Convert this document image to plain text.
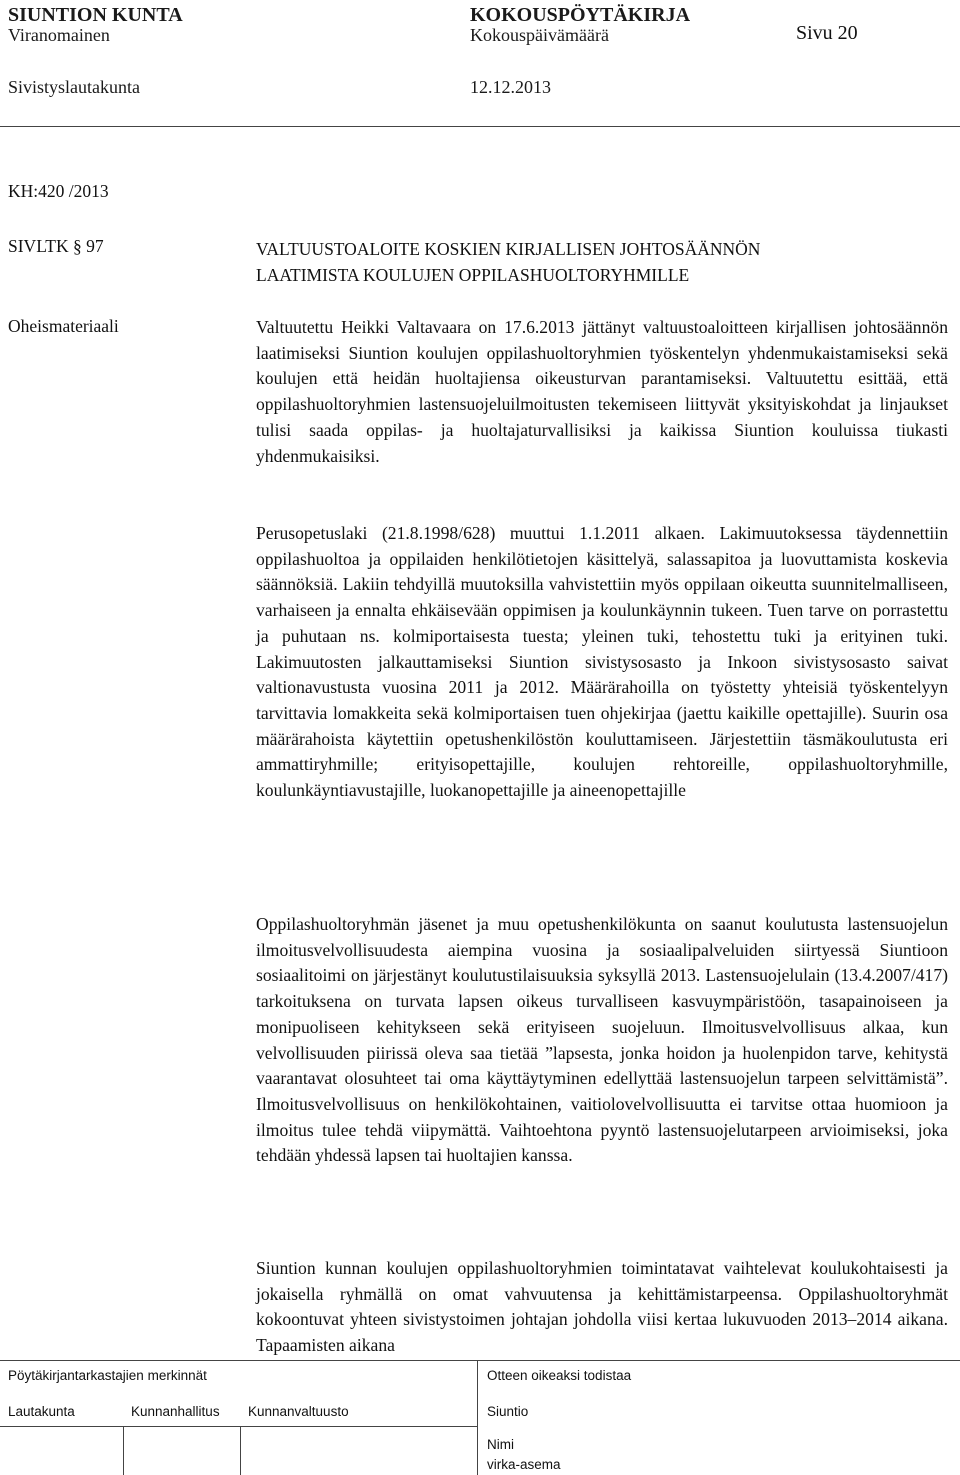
SIUNTION KUNTA	KOKOUSPÖYTÄKIRJA
Viranomainen	Kokouspäivämäärä	Sivu 20
Sivistyslautakunta	12.12.2013
KH:420 /2013
SIVLTK § 97	VALTUUSTOALOITE KOSKIEN KIRJALLISEN JOHTOSÄÄNNÖN
LAATIMISTA KOULUJEN OPPILASHUOLTORYHMILLE
Oheismateriaali	Valtuutettu Heikki Valtavaara on 17.6.2013 jättänyt valtuustoaloitteen kirjallisen johtosäännön laatimiseksi Siuntion koulujen oppilashuoltoryhmien työskentelyn yhdenmukaistamiseksi sekä koulujen että heidän huoltajiensa oikeusturvan parantamiseksi. Valtuutettu esittää, että oppilashuoltoryhmien lastensuojeluilmoitusten tekemiseen liittyvät yksityiskohdat ja linjaukset tulisi saada oppilas- ja huoltajaturvallisiksi ja kaikissa Siuntion kouluissa tiukasti yhdenmukaisiksi.
Perusopetuslaki (21.8.1998/628) muuttui 1.1.2011 alkaen. Lakimuutoksessa täydennettiin oppilashuoltoa ja oppilaiden henkilötietojen käsittelyä, salassapitoa ja luovuttamista koskevia säännöksiä. Lakiin tehdyillä muutoksilla vahvistettiin myös oppilaan oikeutta suunnitelmalliseen, varhaiseen ja ennalta ehkäisevään oppimisen ja koulunkäynnin tukeen. Tuen tarve on porrastettu ja puhutaan ns. kolmiportaisesta tuesta; yleinen tuki, tehostettu tuki ja erityinen tuki. Lakimuutosten jalkauttamiseksi Siuntion sivistysosasto ja Inkoon sivistysosasto saivat valtionavustusta vuosina 2011 ja 2012. Määrärahoilla on työstetty yhteisiä työskentelyyn tarvittavia lomakkeita sekä kolmiportaisen tuen ohjekirjaa (jaettu kaikille opettajille). Suurin osa määrärahoista käytettiin opetushenkilöstön kouluttamiseen. Järjestettiin täsmäkoulutusta eri ammattiryhmille; erityisopettajille, koulujen rehtoreille, oppilashuoltoryhmille, koulunkäyntiavustajille, luokanopettajille ja aineenopettajille
Oppilashuoltoryhmän jäsenet ja muu opetushenkilökunta on saanut koulutusta lastensuojelun ilmoitusvelvollisuudesta aiempina vuosina ja sosiaalipalveluiden siirtyessä Siuntioon sosiaalitoimi on järjestänyt koulutustilaisuuksia syksyllä 2013. Lastensuojelulain (13.4.2007/417) tarkoituksena on turvata lapsen oikeus turvalliseen kasvuympäristöön, tasapainoiseen ja monipuoliseen kehitykseen sekä erityiseen suojeluun. Ilmoitusvelvollisuus alkaa, kun velvollisuuden piirissä oleva saa tietää ”lapsesta, jonka hoidon ja huolenpidon tarve, kehitystä vaarantavat olosuhteet tai oma käyttäytyminen edellyttää lastensuojelun tarpeen selvittämistä”. Ilmoitusvelvollisuus on henkilökohtainen, vaitiolovelvollisuutta ei tarvitse ottaa huomioon ja ilmoitus tulee tehdä viipymättä. Vaihtoehtona pyyntö lastensuojelutarpeen arvioimiseksi, joka tehdään yhdessä lapsen tai huoltajien kanssa.
Siuntion kunnan koulujen oppilashuoltoryhmien toimintatavat vaihtelevat koulukohtaisesti ja jokaisella ryhmällä on omat vahvuutensa ja kehittämistarpeensa. Oppilashuoltoryhmät kokoontuvat yhteen sivistystoimen johtajan johdolla viisi kertaa lukuvuoden 2013–2014 aikana. Tapaamisten aikana
Pöytäkirjantarkastajien merkinnät	Otteen oikeaksi todistaa
Lautakunta	Kunnanhallitus Kunnanvaltuusto	Siuntio
Nimi
virka-asema
